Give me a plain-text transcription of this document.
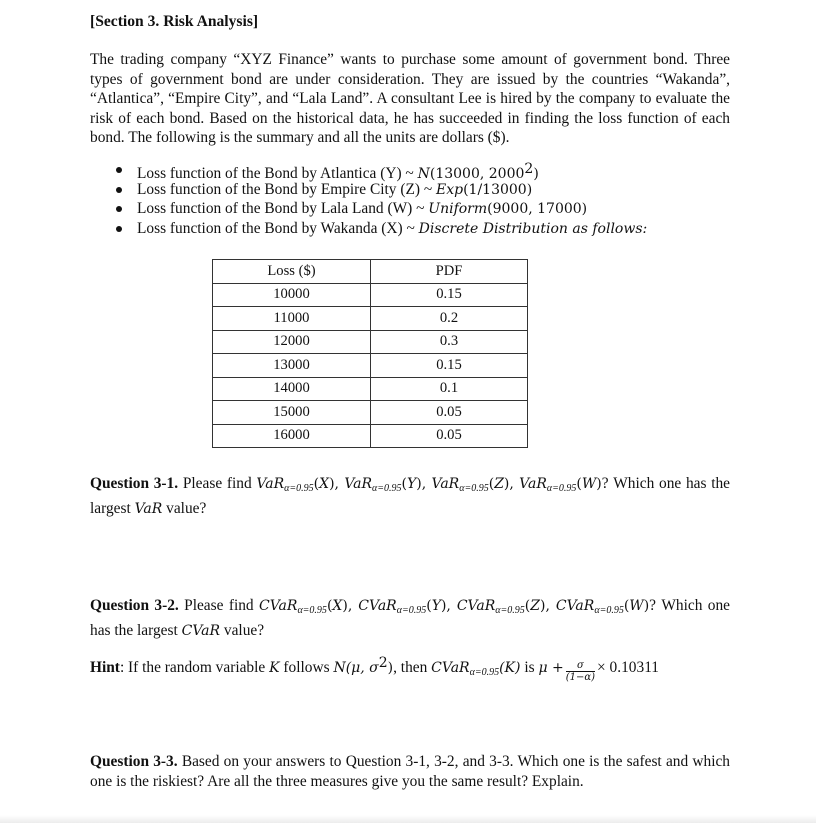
[Section 3. Risk Analysis]
The trading company “XYZ Finance” wants to purchase some amount of government bond. Three types of government bond are under consideration. They are issued by the countries “Wakanda”, “Atlantica”, “Empire City”, and “Lala Land”. A consultant Lee is hired by the company to evaluate the risk of each bond. Based on the historical data, he has succeeded in finding the loss function of each bond. The following is the summary and all the units are dollars ($).
Loss function of the Bond by Atlantica (Y) ~ N(13000, 2000$^2$)
Loss function of the Bond by Empire City (Z) ~ Exp(1/13000)
Loss function of the Bond by Lala Land (W) ~ Uniform(9000, 17000)
Loss function of the Bond by Wakanda (X) ~ Discrete Distribution as follows:
Loss ($)	PDF
10000	0.15
11000	0.2
12000	0.3
13000	0.15
14000	0.1
15000	0.05
16000	0.05
Question 3-1. Please find VaR$_{\alpha=0.95}$(X), VaR$_{\alpha=0.95}$(Y), VaR$_{\alpha=0.95}$(Z), VaR$_{\alpha=0.95}$(W)? Which one has the largest VaR value?
Question 3-2. Please find CVaR$_{\alpha=0.95}$(X), CVaR$_{\alpha=0.95}$(Y), CVaR$_{\alpha=0.95}$(Z), CVaR$_{\alpha=0.95}$(W)? Which one has the largest CVaR value?
Hint: If the random variable K follows N(μ, $\sigma^2$), then CVaR$_{\alpha=0.95}$(K) is $\mu + \frac{\sigma}{(1-\alpha)} \times 0.10311$
Question 3-3. Based on your answers to Question 3-1, 3-2, and 3-3. Which one is the safest and which one is the riskiest? Are all the three measures give you the same result? Explain.
